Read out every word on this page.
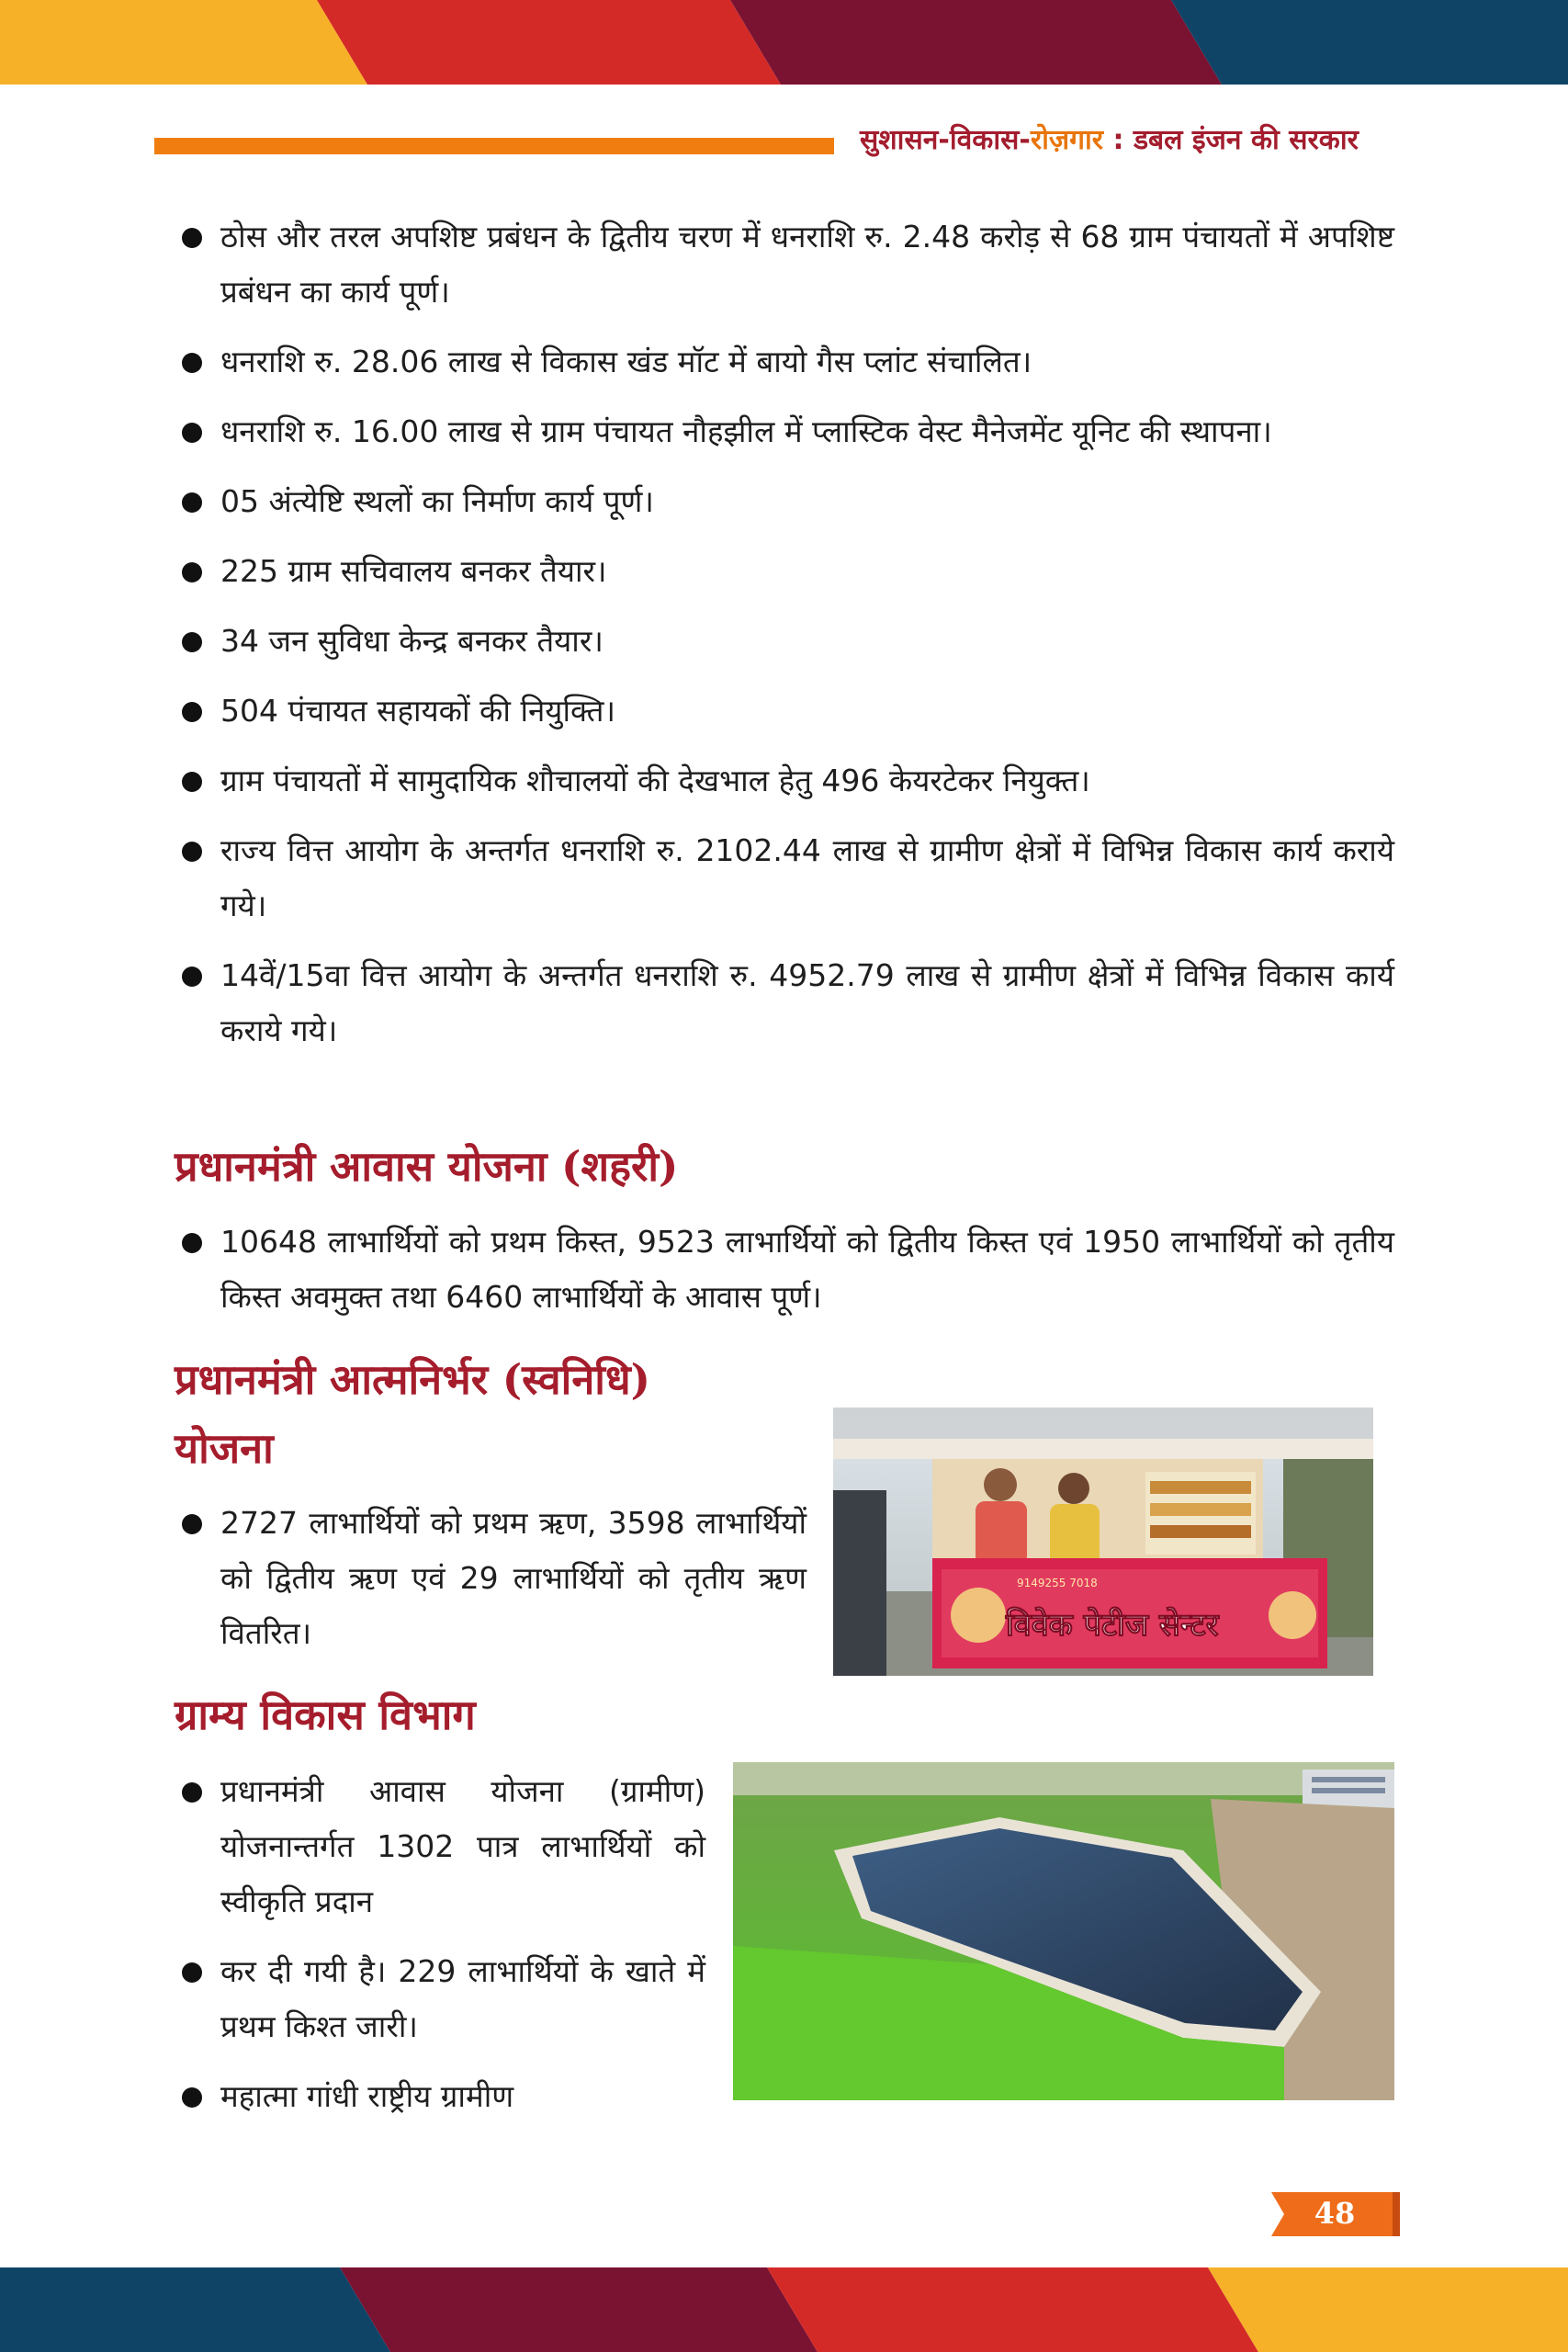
सुशासन-विकास-रोज़गार : डबल इंजन की सरकार
ठोस और तरल अपशिष्ट प्रबंधन के द्वितीय चरण में धनराशि रु. 2.48 करोड़ से 68 ग्राम पंचायतों में अपशिष्ट प्रबंधन का कार्य पूर्ण।
धनराशि रु. 28.06 लाख से विकास खंड मॉट में बायो गैस प्लांट संचालित।
धनराशि रु. 16.00 लाख से ग्राम पंचायत नौहझील में प्लास्टिक वेस्ट मैनेजमेंट यूनिट की स्थापना।
05 अंत्येष्टि स्थलों का निर्माण कार्य पूर्ण।
225 ग्राम सचिवालय बनकर तैयार।
34 जन सुविधा केन्द्र बनकर तैयार।
504 पंचायत सहायकों की नियुक्ति।
ग्राम पंचायतों में सामुदायिक शौचालयों की देखभाल हेतु 496 केयरटेकर नियुक्त।
राज्य वित्त आयोग के अन्तर्गत धनराशि रु. 2102.44 लाख से ग्रामीण क्षेत्रों में विभिन्न विकास कार्य कराये गये।
14वें/15वा वित्त आयोग के अन्तर्गत धनराशि रु. 4952.79 लाख से ग्रामीण क्षेत्रों में विभिन्न विकास कार्य कराये गये।
प्रधानमंत्री आवास योजना (शहरी)
10648 लाभार्थियों को प्रथम किस्त, 9523 लाभार्थियों को द्वितीय किस्त एवं 1950 लाभार्थियों को तृतीय किस्त अवमुक्त तथा 6460 लाभार्थियों के आवास पूर्ण।
प्रधानमंत्री आत्मनिर्भर (स्वनिधि)
योजना
2727 लाभार्थियों को प्रथम ऋण, 3598 लाभार्थियों को द्वितीय ऋण एवं 29 लाभार्थियों को तृतीय ऋण वितरित।
9149255 7018
विवेक पेटीज सेन्टर
ग्राम्य विकास विभाग
प्रधानमंत्री आवास योजना (ग्रामीण) योजनान्तर्गत 1302 पात्र लाभार्थियों को स्वीकृति प्रदान
कर दी गयी है। 229 लाभार्थियों के खाते में प्रथम किश्त जारी।
महात्मा गांधी राष्ट्रीय ग्रामीण
48
